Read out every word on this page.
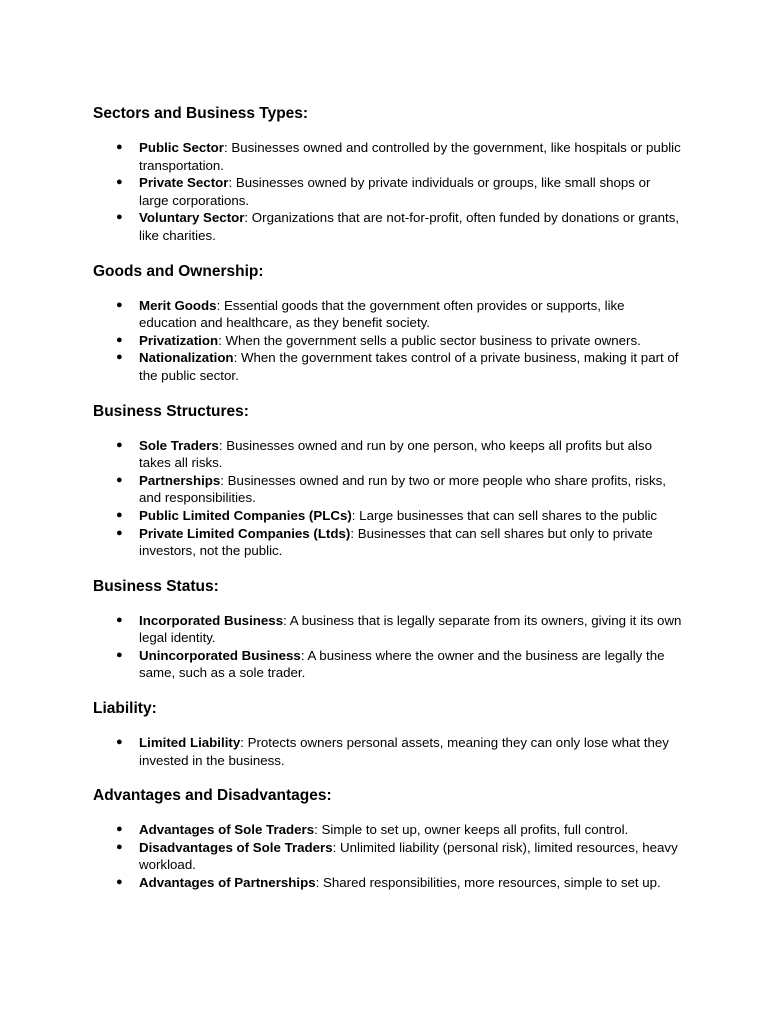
Sectors and Business Types:
● Public Sector: Businesses owned and controlled by the government, like hospitals or public transportation.
● Private Sector: Businesses owned by private individuals or groups, like small shops or large corporations.
● Voluntary Sector: Organizations that are not-for-profit, often funded by donations or grants, like charities.
Goods and Ownership:
● Merit Goods: Essential goods that the government often provides or supports, like education and healthcare, as they benefit society.
● Privatization: When the government sells a public sector business to private owners.
● Nationalization: When the government takes control of a private business, making it part of the public sector.
Business Structures:
● Sole Traders: Businesses owned and run by one person, who keeps all profits but also takes all risks.
● Partnerships: Businesses owned and run by two or more people who share profits, risks, and responsibilities.
● Public Limited Companies (PLCs): Large businesses that can sell shares to the public
● Private Limited Companies (Ltds): Businesses that can sell shares but only to private investors, not the public.
Business Status:
● Incorporated Business: A business that is legally separate from its owners, giving it its own legal identity.
● Unincorporated Business: A business where the owner and the business are legally the same, such as a sole trader.
Liability:
● Limited Liability: Protects owners personal assets, meaning they can only lose what they invested in the business.
Advantages and Disadvantages:
● Advantages of Sole Traders: Simple to set up, owner keeps all profits, full control.
● Disadvantages of Sole Traders: Unlimited liability (personal risk), limited resources, heavy workload.
● Advantages of Partnerships: Shared responsibilities, more resources, simple to set up.
